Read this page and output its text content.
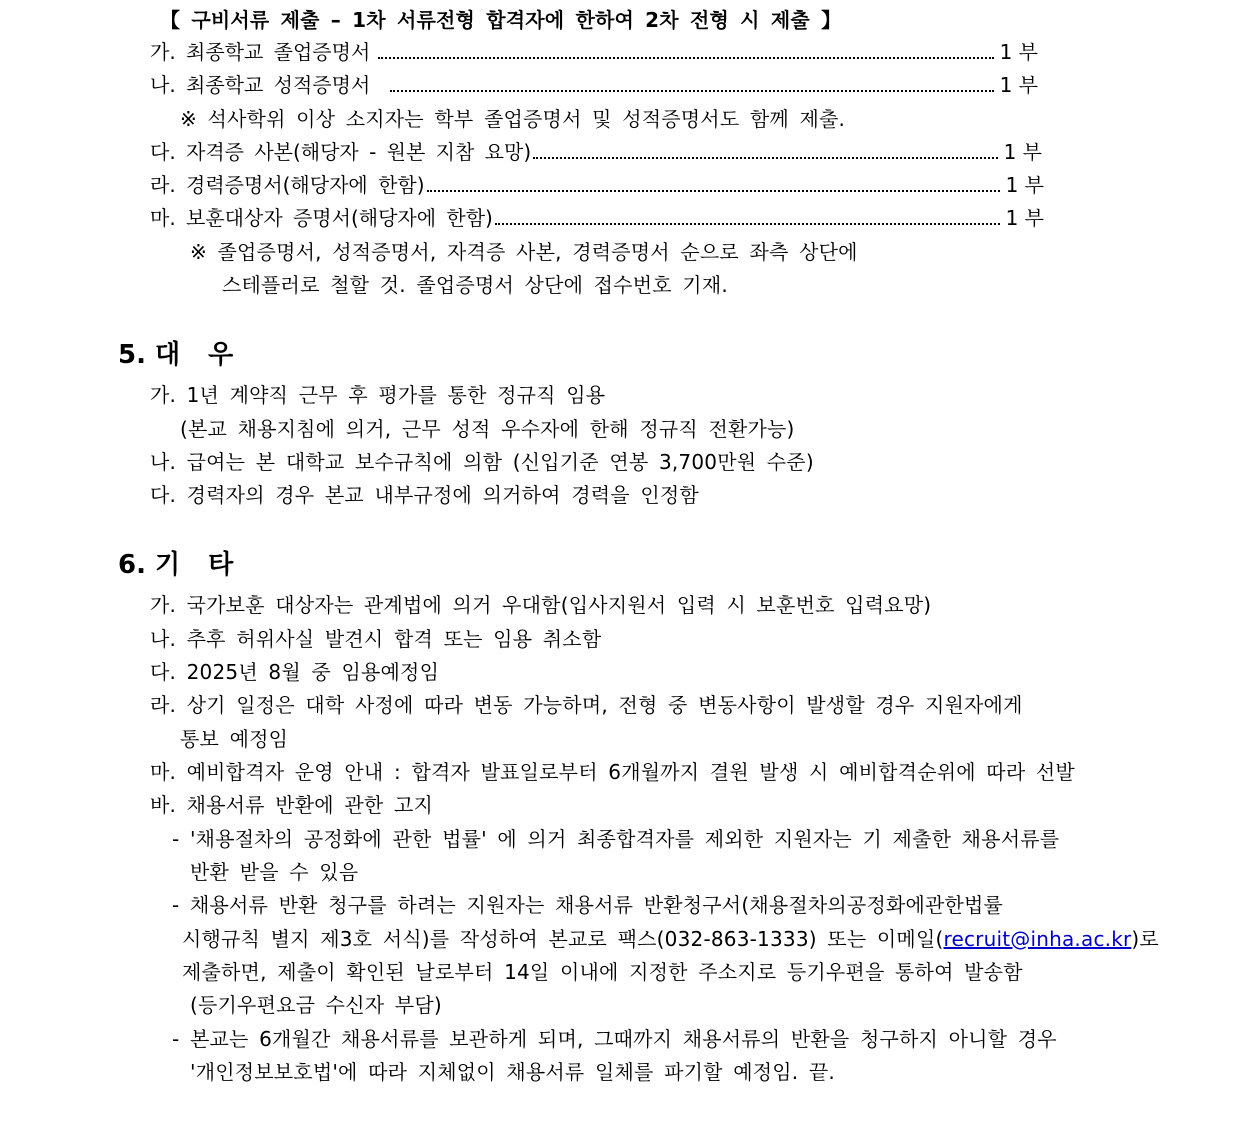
【 구비서류 제출 – 1차 서류전형 합격자에 한하여 2차 전형 시 제출 】
가. 최종학교 졸업증명서	1 부
나. 최종학교 성적증명서	1 부
※ 석사학위 이상 소지자는 학부 졸업증명서 및 성적증명서도 함께 제출.
다. 자격증 사본(해당자 - 원본 지참 요망)	1 부
라. 경력증명서(해당자에 한함)	1 부
마. 보훈대상자 증명서(해당자에 한함)	1 부
※ 졸업증명서, 성적증명서, 자격증 사본, 경력증명서 순으로 좌측 상단에
스테플러로 철할 것. 졸업증명서 상단에 접수번호 기재.
5. 대 우
가. 1년 계약직 근무 후 평가를 통한 정규직 임용
(본교 채용지침에 의거, 근무 성적 우수자에 한해 정규직 전환가능)
나. 급여는 본 대학교 보수규칙에 의함 (신입기준 연봉 3,700만원 수준)
다. 경력자의 경우 본교 내부규정에 의거하여 경력을 인정함
6. 기 타
가. 국가보훈 대상자는 관계법에 의거 우대함(입사지원서 입력 시 보훈번호 입력요망)
나. 추후 허위사실 발견시 합격 또는 임용 취소함
다. 2025년 8월 중 임용예정임
라. 상기 일정은 대학 사정에 따라 변동 가능하며, 전형 중 변동사항이 발생할 경우 지원자에게
통보 예정임
마. 예비합격자 운영 안내 : 합격자 발표일로부터 6개월까지 결원 발생 시 예비합격순위에 따라 선발
바. 채용서류 반환에 관한 고지
- '채용절차의 공정화에 관한 법률' 에 의거 최종합격자를 제외한 지원자는 기 제출한 채용서류를
반환 받을 수 있음
- 채용서류 반환 청구를 하려는 지원자는 채용서류 반환청구서(채용절차의공정화에관한법률
시행규칙 별지 제3호 서식)를 작성하여 본교로 팩스(032-863-1333) 또는 이메일(recruit@inha.ac.kr)로
제출하면, 제출이 확인된 날로부터 14일 이내에 지정한 주소지로 등기우편을 통하여 발송함
(등기우편요금 수신자 부담)
- 본교는 6개월간 채용서류를 보관하게 되며, 그때까지 채용서류의 반환을 청구하지 아니할 경우
'개인정보보호법'에 따라 지체없이 채용서류 일체를 파기할 예정임. 끝.
